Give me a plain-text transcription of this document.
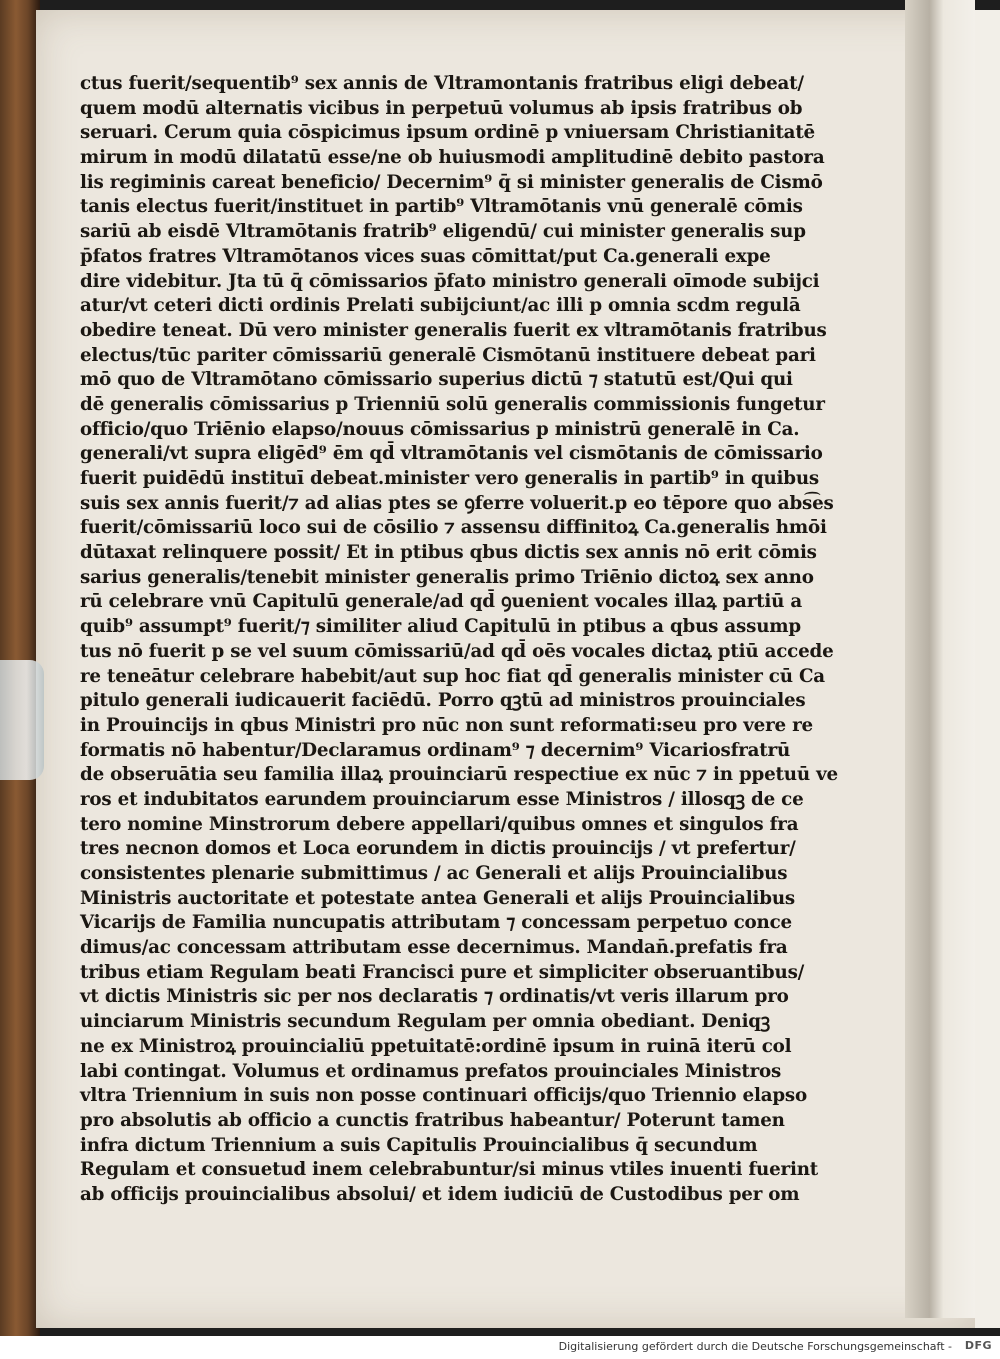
ctus fuerit/sequentib⁹ sex annis de Vltramontanis fratribus eligi debeat/
quem modū alternatis vicibus in perpetuū volumus ab ipsis fratribus ob
seruari. Cerum quia cōspicimus ipsum ordinē p vniuersam Christianitatē
mirum in modū dilatatū esse/ne ob huiusmodi amplitudinē debito pastora
lis regiminis careat beneficio/ Decernim⁹ q̄ si minister generalis de Cismō
tanis electus fuerit/instituet in partib⁹ Vltramōtanis vnū generalē cōmis
sariū ab eisdē Vltramōtanis fratrib⁹ eligendū/ cui minister generalis sup
p̄fatos fratres Vltramōtanos vices suas cōmittat/put Ca.generali expe
dire videbitur. Jta tū q̄ cōmissarios p̄fato ministro generali oīmode subijci
atur/vt ceteri dicti ordinis Prelati subijciunt/ac illi p omnia scdm regulā
obedire teneat. Dū vero minister generalis fuerit ex vltramōtanis fratribus
electus/tūc pariter cōmissariū generalē Cismōtanū instituere debeat pari
mō quo de Vltramōtano cōmissario superius dictū ⁊ statutū est/Qui qui
dē generalis cōmissarius p Trienniū solū generalis commissionis fungetur
officio/quo Triēnio elapso/nouus cōmissarius p ministrū generalē in Ca.
generali/vt supra eligēd⁹ ēm qd̄ vltramōtanis vel cismōtanis de cōmissario
fuerit puidēdū instituī debeat.minister vero generalis in partib⁹ in quibus
suis sex annis fuerit/⁊ ad alias ptes se ꝯferre voluerit.p eo tēpore quo abs͡es
fuerit/cōmissariū loco sui de cōsilio ⁊ assensu diffinitoꝝ Ca.generalis hmōi
dūtaxat relinquere possit/ Et in ptibus qbus dictis sex annis nō erit cōmis
sarius generalis/tenebit minister generalis primo Triēnio dictoꝝ sex anno
rū celebrare vnū Capitulū generale/ad qd̄ ꝯuenient vocales illaꝝ partiū a
quib⁹ assumpt⁹ fuerit/⁊ similiter aliud Capitulū in ptibus a qbus assump
tus nō fuerit p se vel suum cōmissariū/ad qd̄ oēs vocales dictaꝝ ptiū accede
re teneātur celebrare habebit/aut sup hoc fiat qd̄ generalis minister cū Ca
pitulo generali iudicauerit faciēdū. Porro qꝫtū ad ministros prouinciales
in Prouincijs in qbus Ministri pro nūc non sunt reformati:seu pro vere re
formatis nō habentur/Declaramus ordinam⁹ ⁊ decernim⁹ Vicariosfratrū
de obseruātia seu familia illaꝝ prouinciarū respectiue ex nūc ⁊ in ppetuū ve
ros et indubitatos earundem prouinciarum esse Ministros / illosqꝫ de ce
tero nomine Minstrorum debere appellari/quibus omnes et singulos fra
tres necnon domos et Loca eorundem in dictis prouincijs / vt prefertur/
consistentes plenarie submittimus / ac Generali et alijs Prouincialibus
Ministris auctoritate et potestate antea Generali et alijs Prouincialibus
Vicarijs de Familia nuncupatis attributam ⁊ concessam perpetuo conce
dimus/ac concessam attributam esse decernimus. Mandan̄.prefatis fra
tribus etiam Regulam beati Francisci pure et simpliciter obseruantibus/
vt dictis Ministris sic per nos declaratis ⁊ ordinatis/vt veris illarum pro
uinciarum Ministris secundum Regulam per omnia obediant. Deniqꝫ
ne ex Ministroꝝ prouincialiū ppetuitatē:ordinē ipsum in ruinā iterū col
labi contingat. Volumus et ordinamus prefatos prouinciales Ministros
vltra Triennium in suis non posse continuari officijs/quo Triennio elapso
pro absolutis ab officio a cunctis fratribus habeantur/ Poterunt tamen
infra dictum Triennium a suis Capitulis Prouincialibus q̄ secundum
Regulam et consuetud inem celebrabuntur/si minus vtiles inuenti fuerint
ab officijs prouincialibus absolui/ et idem iudiciū de Custodibus per om
Digitalisierung gefördert durch die Deutsche Forschungsgemeinschaft - DFG
